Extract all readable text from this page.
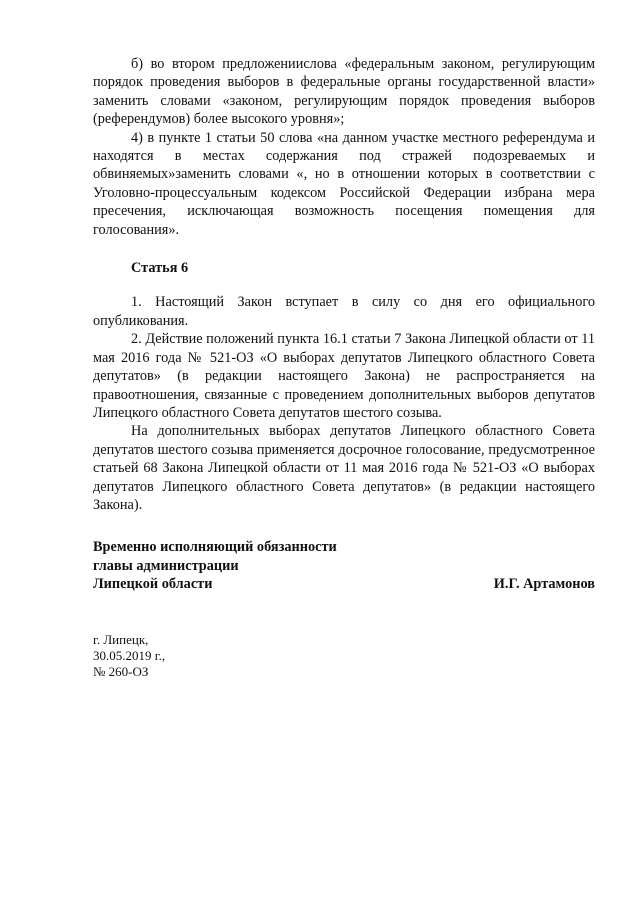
б) во втором предложениислова «федеральным законом, регулирующим порядок проведения выборов в федеральные органы государственной власти» заменить словами «законом, регулирующим порядок проведения выборов (референдумов) более высокого уровня»;

4) в пункте 1 статьи 50 слова «на данном участке местного референдума и находятся в местах содержания под стражей подозреваемых и обвиняемых»заменить словами «, но в отношении которых в соответствии с Уголовно-процессуальным кодексом Российской Федерации избрана мера пресечения, исключающая возможность посещения помещения для голосования».

Статья 6

1. Настоящий Закон вступает в силу со дня его официального опубликования.

2. Действие положений пункта 16.1 статьи 7 Закона Липецкой области от 11 мая 2016 года № 521-ОЗ «О выборах депутатов Липецкого областного Совета депутатов» (в редакции настоящего Закона) не распространяется на правоотношения, связанные с проведением дополнительных выборов депутатов Липецкого областного Совета депутатов шестого созыва.

На дополнительных выборах депутатов Липецкого областного Совета депутатов шестого созыва применяется досрочное голосование, предусмотренное статьей 68 Закона Липецкой области от 11 мая 2016 года № 521-ОЗ «О выборах депутатов Липецкого областного Совета депутатов» (в редакции настоящего Закона).

Временно исполняющий обязанности
главы администрации
Липецкой области	И.Г. Артамонов
г. Липецк,
30.05.2019 г.,
№ 260-ОЗ
